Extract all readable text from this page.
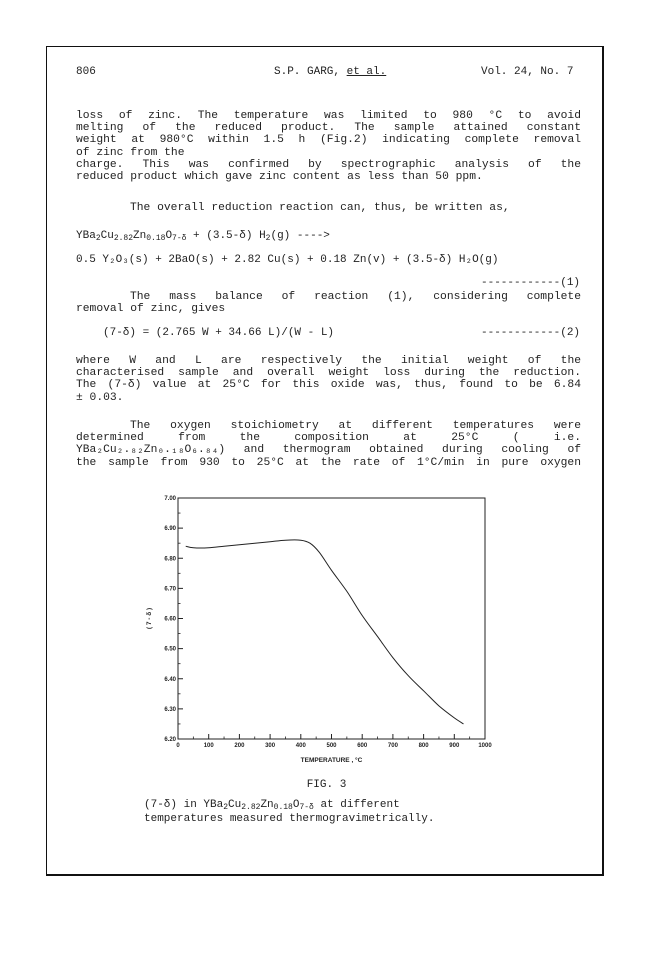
806	S.P. GARG, et al.	Vol. 24, No. 7
loss of zinc. The temperature was limited to 980 °C to avoid
melting of the reduced product. The sample attained constant
weight at 980°C within 1.5 h (Fig.2) indicating complete removal
of zinc from the
charge. This was confirmed by spectrographic analysis of the
reduced product which gave zinc content as less than 50 ppm.
The overall reduction reaction can, thus, be written as,
$YBa_2Cu_{2.82}Zn_{0.18}O_{7-\delta} + (3.5-\delta)$ $H_2(g)$ ---->
0.5 Y₂O₃(s) + 2BaO(s) + 2.82 Cu(s) + 0.18 Zn(v) + (3.5-δ) H₂O(g)
------------(1)
The mass balance of reaction (1), considering complete
removal of zinc, gives
(7-δ) = (2.765 W + 34.66 L)/(W - L)	------------(2)
where W and L are respectively the initial weight of the
characterised sample and overall weight loss during the reduction.
The (7-δ) value at 25°C for this oxide was, thus, found to be 6.84
± 0.03.
The oxygen stoichiometry at different temperatures were
determined from the composition at 25°C ( i.e.
YBa₂Cu₂.₈₂Zn₀.₁₈O₆.₈₄) and thermogram obtained during cooling of
the sample from 930 to 25°C at the rate of 1°C/min in pure oxygen
6.20
6.30
6.40
6.50
6.60
6.70
6.80
6.90
7.00
0	100	200	300	400	500	600	700	800	900	1000
TEMPERATURE , °C
( 7 - δ )
FIG. 3
(7-δ) in $YBa_2Cu_{2.82}Zn_{0.18}O_{7-\delta}$ at different
temperatures measured thermogravimetrically.
